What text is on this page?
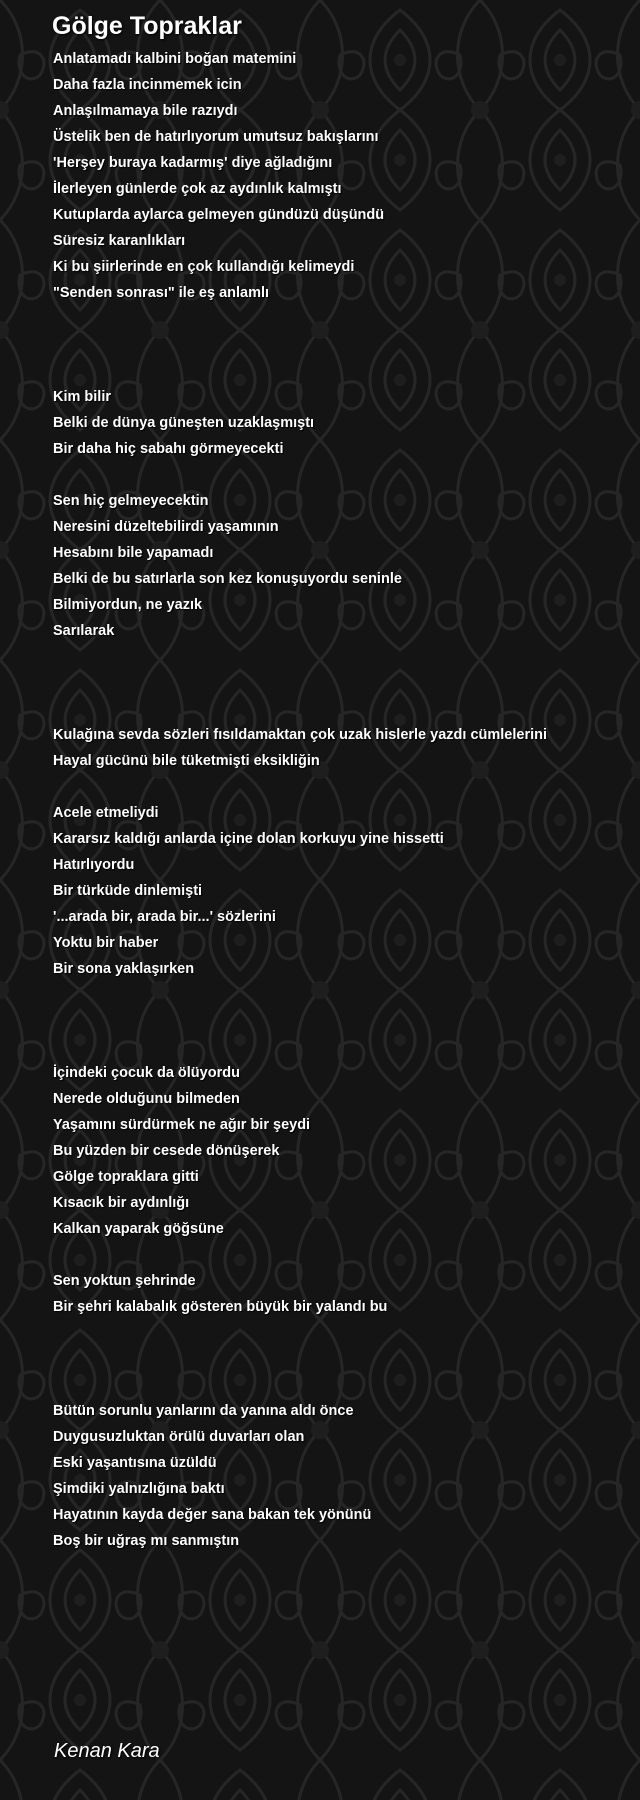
Gölge Topraklar
Anlatamadı kalbini boğan matemini
Daha fazla incinmemek icin
Anlaşılmamaya bile razıydı
Üstelik ben de hatırlıyorum umutsuz bakışlarını
'Herşey buraya kadarmış' diye ağladığını
İlerleyen günlerde çok az aydınlık kalmıştı
Kutuplarda aylarca gelmeyen gündüzü düşündü
Süresiz karanlıkları
Ki bu şiirlerinde en çok kullandığı kelimeydi
"Senden sonrası" ile eş anlamlı
Kim bilir
Belki de dünya güneşten uzaklaşmıştı
Bir daha hiç sabahı görmeyecekti
Sen hiç gelmeyecektin
Neresini düzeltebilirdi yaşamının
Hesabını bile yapamadı
Belki de bu satırlarla son kez konuşuyordu seninle
Bilmiyordun, ne yazık
Sarılarak
Kulağına sevda sözleri fısıldamaktan çok uzak hislerle yazdı cümlelerini
Hayal gücünü bile tüketmişti eksikliğin
Acele etmeliydi
Kararsız kaldığı anlarda içine dolan korkuyu yine hissetti
Hatırlıyordu
Bir türküde dinlemişti
'...arada bir, arada bir...' sözlerini
Yoktu bir haber
Bir sona yaklaşırken
İçindeki çocuk da ölüyordu
Nerede olduğunu bilmeden
Yaşamını sürdürmek ne ağır bir şeydi
Bu yüzden bir cesede dönüşerek
Gölge topraklara gitti
Kısacık bir aydınlığı
Kalkan yaparak göğsüne
Sen yoktun şehrinde
Bir şehri kalabalık gösteren büyük bir yalandı bu
Bütün sorunlu yanlarını da yanına aldı önce
Duygusuzluktan örülü duvarları olan
Eski yaşantısına üzüldü
Şimdiki yalnızlığına baktı
Hayatının kayda değer sana bakan tek yönünü
Boş bir uğraş mı sanmıştın
Kenan Kara
